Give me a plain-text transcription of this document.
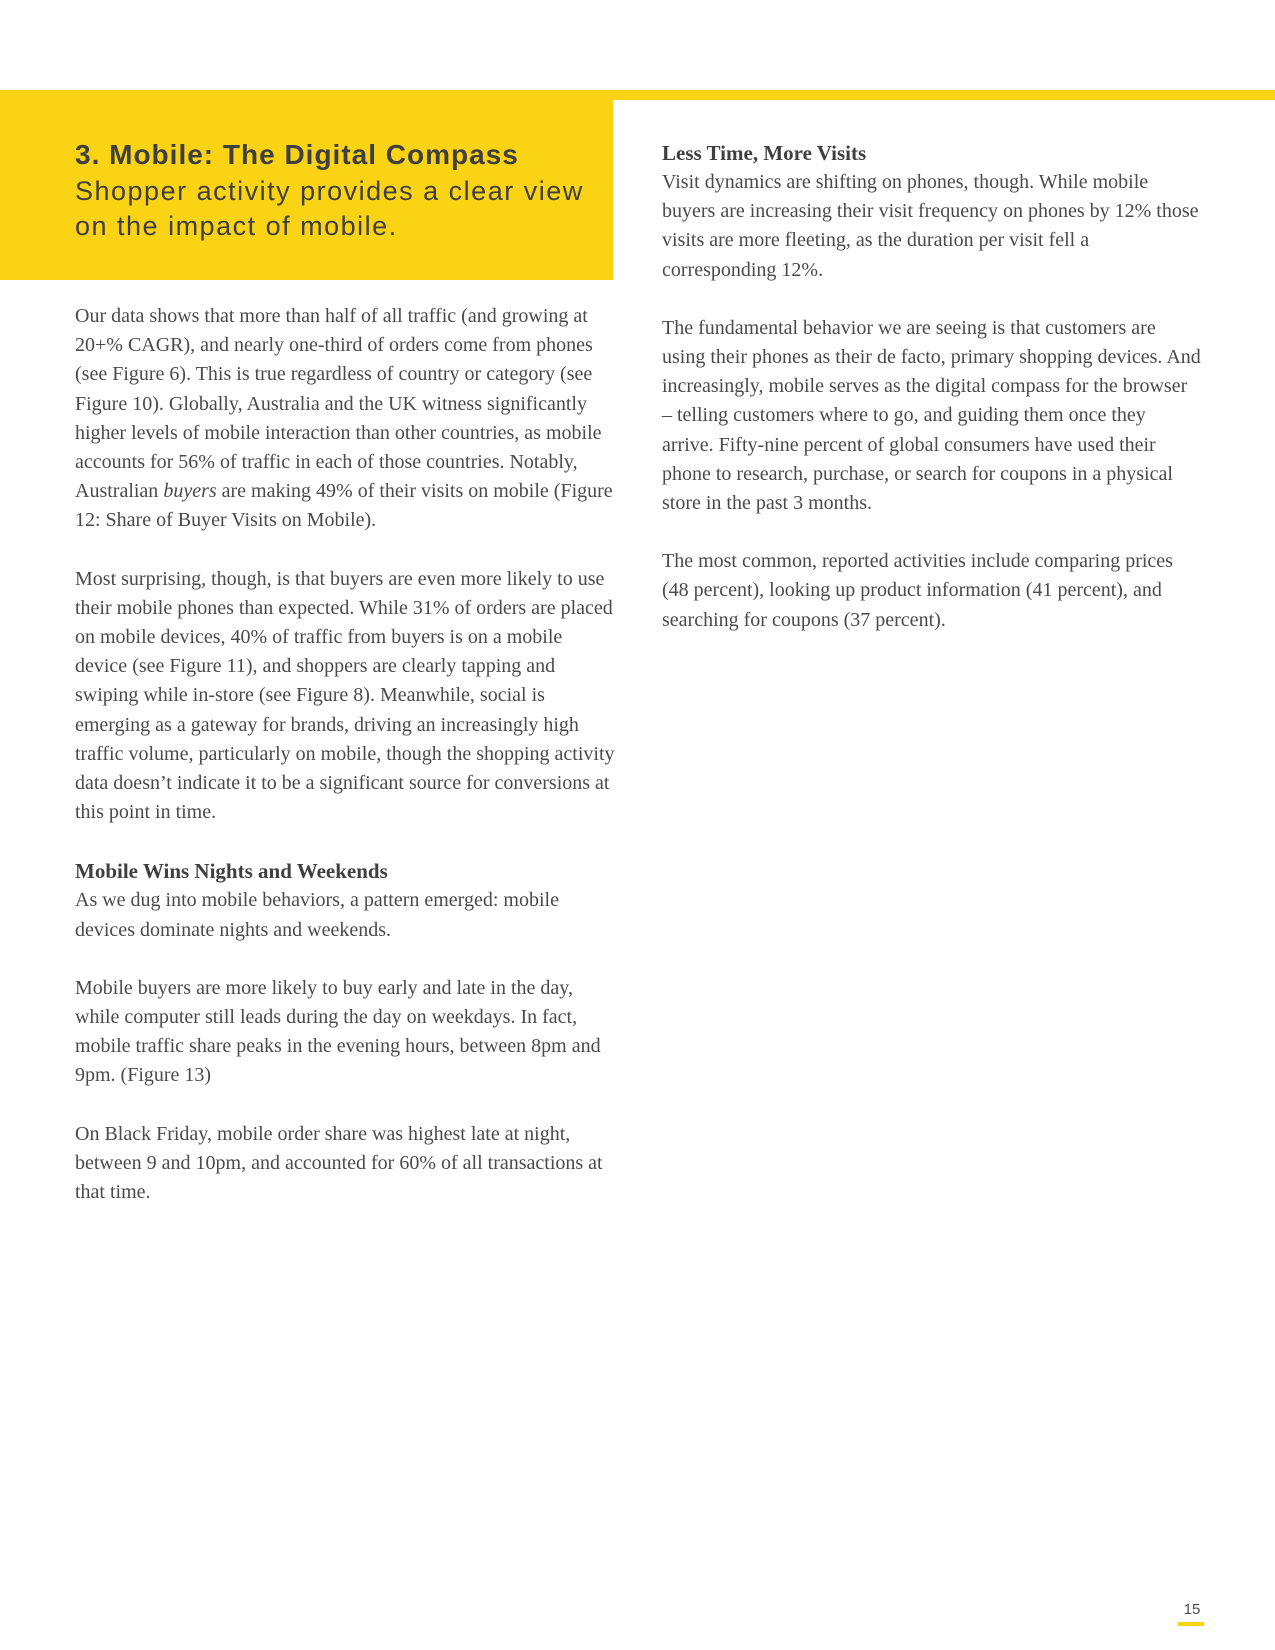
3. Mobile: The Digital Compass
Shopper activity provides a clear view on the impact of mobile.

Our data shows that more than half of all traffic (and growing at 20+% CAGR), and nearly one-third of orders come from phones (see Figure 6). This is true regardless of country or category (see Figure 10). Globally, Australia and the UK witness significantly higher levels of mobile interaction than other countries, as mobile accounts for 56% of traffic in each of those countries. Notably, Australian buyers are making 49% of their visits on mobile (Figure 12: Share of Buyer Visits on Mobile).

Most surprising, though, is that buyers are even more likely to use their mobile phones than expected. While 31% of orders are placed on mobile devices, 40% of traffic from buyers is on a mobile device (see Figure 11), and shoppers are clearly tapping and swiping while in-store (see Figure 8). Meanwhile, social is emerging as a gateway for brands, driving an increasingly high traffic volume, particularly on mobile, though the shopping activity data doesn’t indicate it to be a significant source for conversions at this point in time.

Mobile Wins Nights and Weekends

As we dug into mobile behaviors, a pattern emerged: mobile devices dominate nights and weekends.

Mobile buyers are more likely to buy early and late in the day, while computer still leads during the day on weekdays. In fact, mobile traffic share peaks in the evening hours, between 8pm and 9pm. (Figure 13)

On Black Friday, mobile order share was highest late at night, between 9 and 10pm, and accounted for 60% of all transactions at that time.

Less Time, More Visits

Visit dynamics are shifting on phones, though. While mobile buyers are increasing their visit frequency on phones by 12% those visits are more fleeting, as the duration per visit fell a corresponding 12%.

The fundamental behavior we are seeing is that customers are using their phones as their de facto, primary shopping devices. And increasingly, mobile serves as the digital compass for the browser – telling customers where to go, and guiding them once they arrive. Fifty-nine percent of global consumers have used their phone to research, purchase, or search for coupons in a physical store in the past 3 months.

The most common, reported activities include comparing prices (48 percent), looking up product information (41 percent), and searching for coupons (37 percent).

15
